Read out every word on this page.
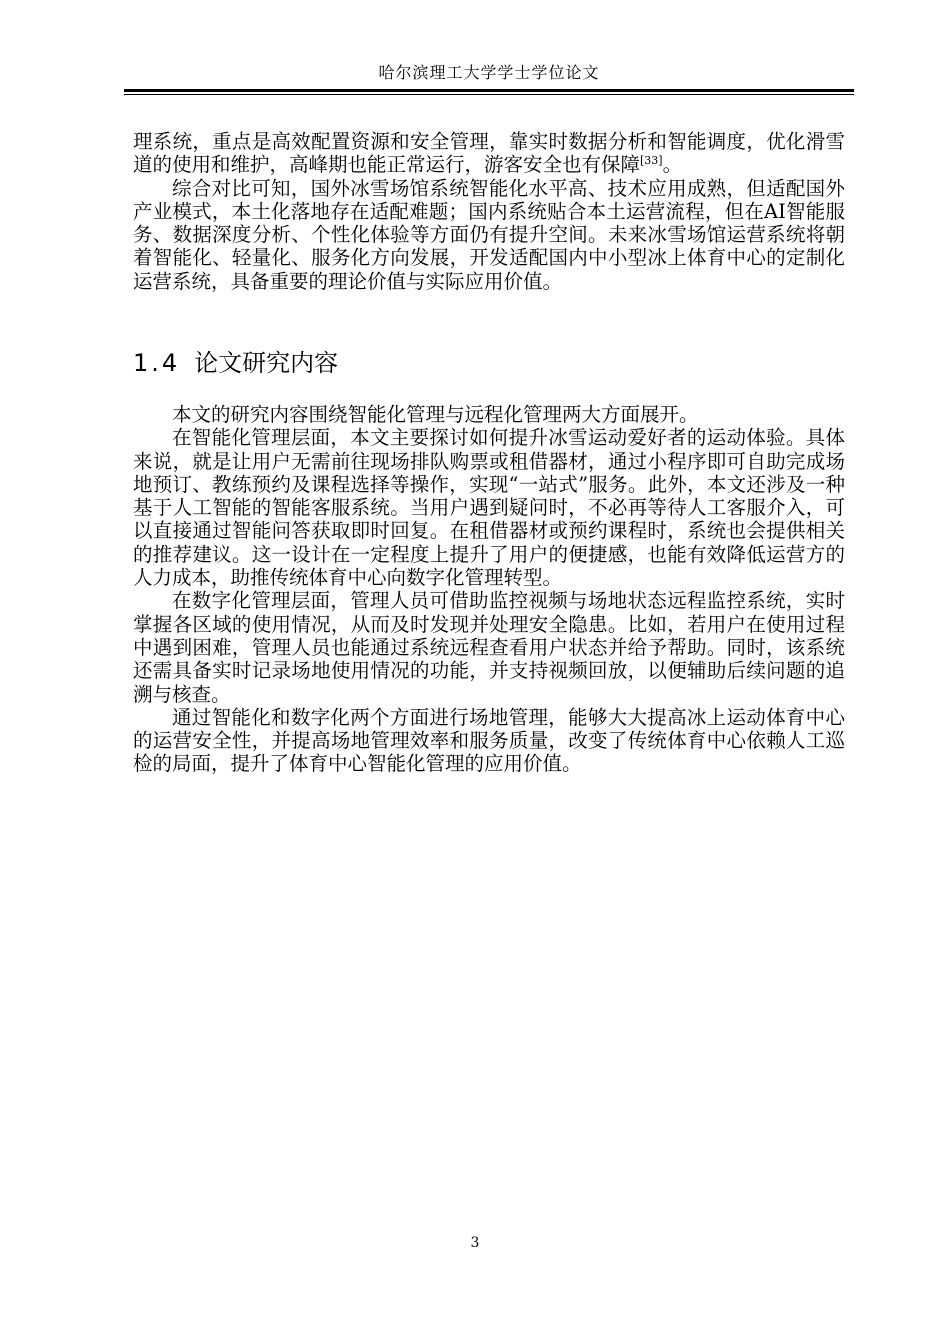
哈尔滨理工大学学士学位论文

理系统，重点是高效配置资源和安全管理，靠实时数据分析和智能调度，优化滑雪道的使用和维护，高峰期也能正常运行，游客安全也有保障[33]。

综合对比可知，国外冰雪场馆系统智能化水平高、技术应用成熟，但适配国外产业模式，本土化落地存在适配难题；国内系统贴合本土运营流程，但在AI智能服务、数据深度分析、个性化体验等方面仍有提升空间。未来冰雪场馆运营系统将朝着智能化、轻量化、服务化方向发展，开发适配国内中小型冰上体育中心的定制化运营系统，具备重要的理论价值与实际应用价值。

1.4 论文研究内容

本文的研究内容围绕智能化管理与远程化管理两大方面展开。

在智能化管理层面，本文主要探讨如何提升冰雪运动爱好者的运动体验。具体来说，就是让用户无需前往现场排队购票或租借器材，通过小程序即可自助完成场地预订、教练预约及课程选择等操作，实现“一站式”服务。此外，本文还涉及一种基于人工智能的智能客服系统。当用户遇到疑问时，不必再等待人工客服介入，可以直接通过智能问答获取即时回复。在租借器材或预约课程时，系统也会提供相关的推荐建议。这一设计在一定程度上提升了用户的便捷感，也能有效降低运营方的人力成本，助推传统体育中心向数字化管理转型。

在数字化管理层面，管理人员可借助监控视频与场地状态远程监控系统，实时掌握各区域的使用情况，从而及时发现并处理安全隐患。比如，若用户在使用过程中遇到困难，管理人员也能通过系统远程查看用户状态并给予帮助。同时，该系统还需具备实时记录场地使用情况的功能，并支持视频回放，以便辅助后续问题的追溯与核查。

通过智能化和数字化两个方面进行场地管理，能够大大提高冰上运动体育中心的运营安全性，并提高场地管理效率和服务质量，改变了传统体育中心依赖人工巡检的局面，提升了体育中心智能化管理的应用价值。

3
